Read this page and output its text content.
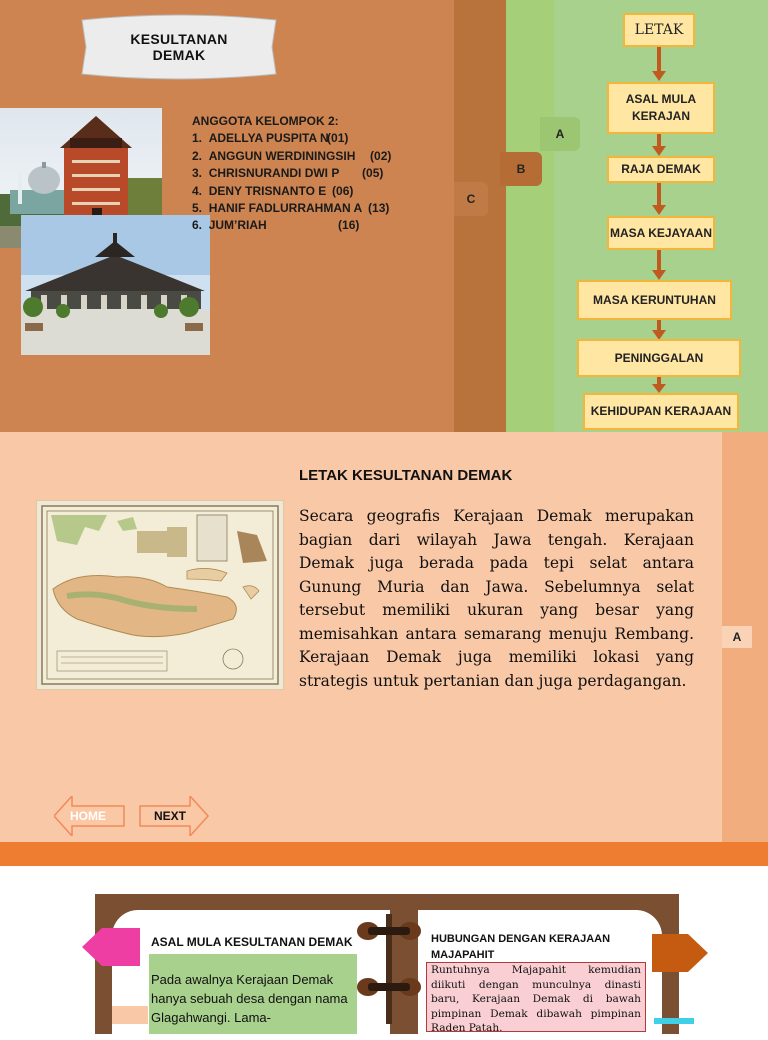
KESULTANAN
DEMAK
ANGGOTA KELOMPOK 2:
1. ADELLYA PUSPITA N (01)
2. ANGGUN WERDININGSIH (02)
3. CHRISNURANDI DWI P (05)
4. DENY TRISNANTO E (06)
5. HANIF FADLURRAHMAN A (13)
6. JUM’RIAH	(16)
C
B
A
LETAK
ASAL MULA KERAJAN
RAJA DEMAK
MASA KEJAYAAN
MASA KERUNTUHAN
PENINGGALAN
KEHIDUPAN KERAJAAN
A
LETAK KESULTANAN DEMAK
Secara geografis Kerajaan Demak merupakan bagian dari wilayah Jawa tengah. Kerajaan Demak juga berada pada tepi selat antara Gunung Muria dan Jawa. Sebelumnya selat tersebut memiliki ukuran yang besar yang memisahkan antara semarang menuju Rembang. Kerajaan Demak juga memiliki lokasi yang strategis untuk pertanian dan juga perdagangan.
HOME	NEXT
ASAL MULA KESULTANAN DEMAK
Pada awalnya Kerajaan Demak hanya sebuah desa dengan nama Glagahwangi. Lama-
HUBUNGAN DENGAN KERAJAAN MAJAPAHIT
Runtuhnya Majapahit kemudian diikuti dengan munculnya dinasti baru, Kerajaan Demak di bawah pimpinan Demak dibawah pimpinan Raden Patah.
